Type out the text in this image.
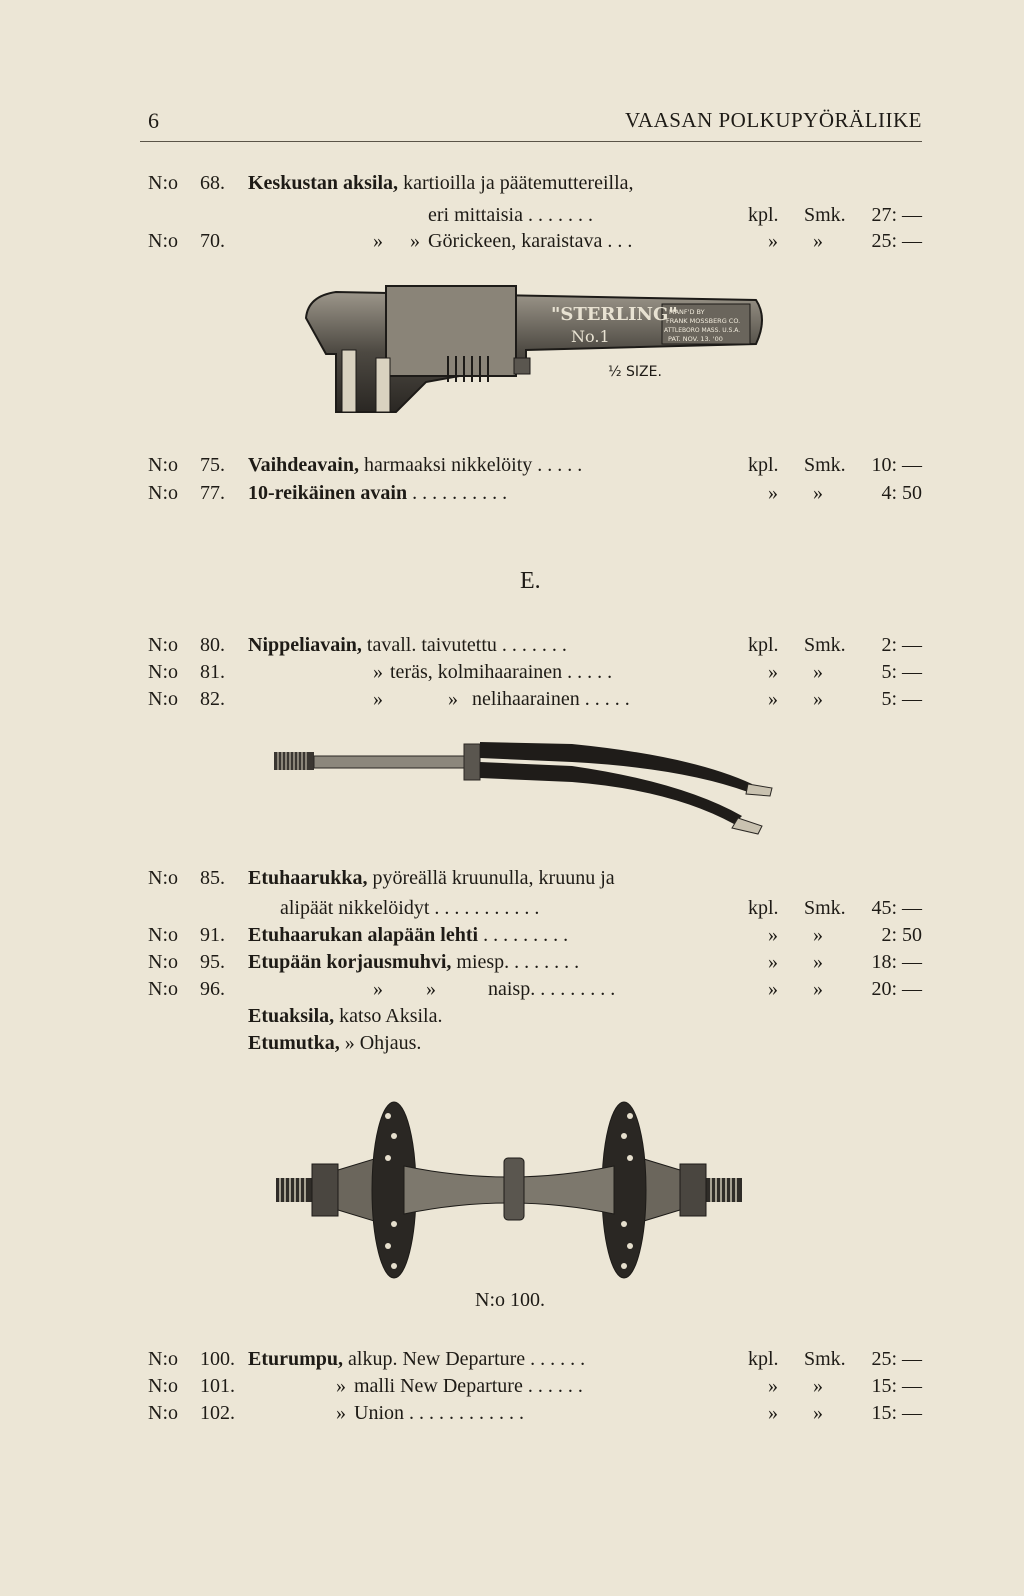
6	VAASAN POLKUPYÖRÄLIIKE
N:o 68. Keskustan aksila, kartioilla ja päätemuttereilla,
eri mittaisia . . . . . . .	kpl. Smk. 27: —
N:o 70.	» » Görickeen, karaistava . . .	» » 25: —
"STERLING"
No.1
MANF'D BY
FRANK MOSSBERG CO.
ATTLEBORO MASS. U.S.A.
PAT. NOV. 13. '00
½ SIZE.
N:o 75. Vaihdeavain, harmaaksi nikkelöity . . . . .	kpl. Smk. 10: —
N:o 77. 10-reikäinen avain . . . . . . . . . .	» »	4: 50
E.
N:o 80. Nippeliavain, tavall. taivutettu . . . . . . .	kpl. Smk. 2: —
N:o 81.	» teräs, kolmihaarainen . . . . .	» »	5: —
N:o 82.	»	» nelihaarainen . . . . .	» »	5: —
N:o 85. Etuhaarukka, pyöreällä kruunulla, kruunu ja
alipäät nikkelöidyt . . . . . . . . . . .	kpl. Smk. 45: —
N:o 91. Etuhaarukan alapään lehti . . . . . . . . .	» »	2: 50
N:o 95. Etupään korjausmuhvi, miesp. . . . . . . .	» » 18: —
N:o 96.	» »	naisp. . . . . . . . .	» » 20: —
Etuaksila, katso Aksila.
Etumutka, » Ohjaus.
N:o 100.
N:o 100. Eturumpu, alkup. New Departure . . . . . .	kpl. Smk. 25: —
N:o 101.	» malli New Departure . . . . . .	» » 15: —
N:o 102.	» Union . . . . . . . . . . . .	» » 15: —
